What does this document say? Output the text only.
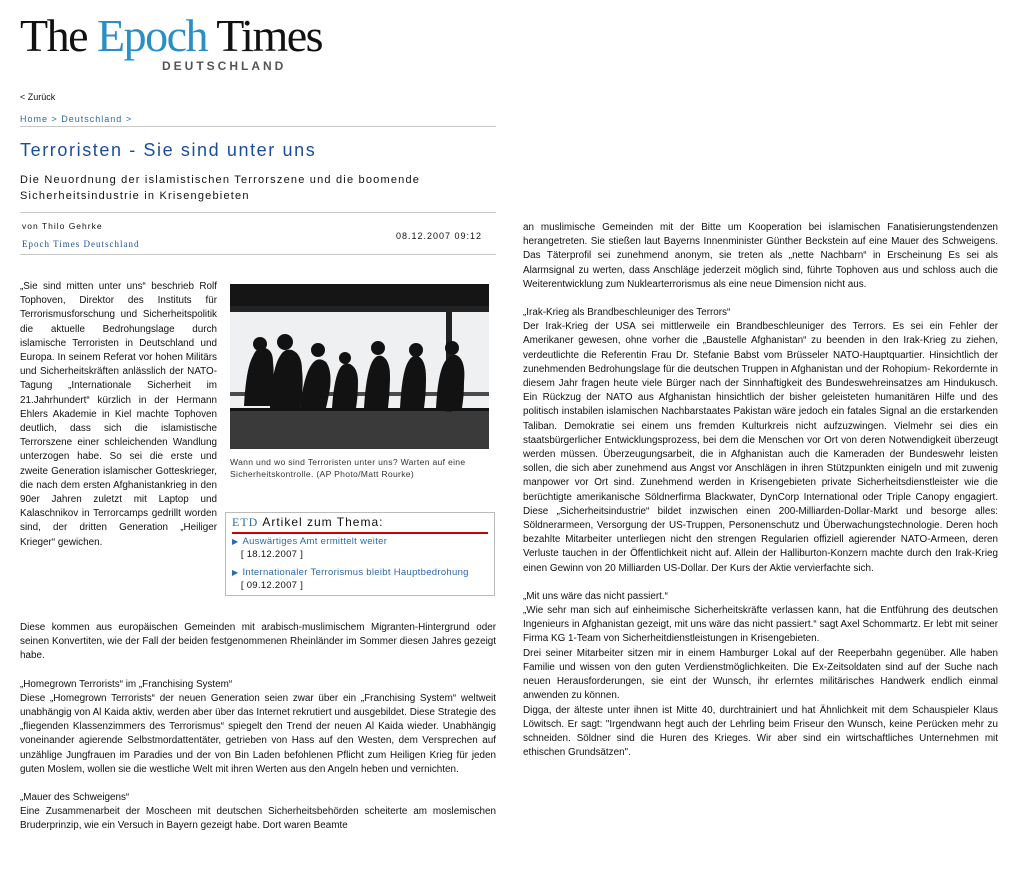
The Epoch Times
DEUTSCHLAND
< Zurück
Home > Deutschland >
Terroristen - Sie sind unter uns
Die Neuordnung der islamistischen Terrorszene und die boomende Sicherheitsindustrie in Krisengebieten
von Thilo Gehrke
Epoch Times Deutschland
08.12.2007 09:12
„Sie sind mitten unter uns“ beschrieb Rolf Tophoven, Direktor des Instituts für Terrorismusforschung und Sicherheitspolitik die aktuelle Bedrohungslage durch islamische Terroristen in Deutschland und Europa. In seinem Referat vor hohen Militärs und Sicherheitskräften anlässlich der NATO-Tagung „Internationale Sicherheit im 21.Jahrhundert“ kürzlich in der Hermann Ehlers Akademie in Kiel machte Tophoven deutlich, dass sich die islamistische Terrorszene einer schleichenden Wandlung unterzogen habe. So sei die erste und zweite Generation islamischer Gotteskrieger, die nach dem ersten Afghanistankrieg in den 90er Jahren zuletzt mit Laptop und Kalaschnikov in Terrorcamps gedrillt worden sind, der dritten Generation „Heiliger Krieger“ gewichen.
Wann und wo sind Terroristen unter uns? Warten auf eine Sicherheitskontrolle. (AP Photo/Matt Rourke)
ETD Artikel zum Thema:
▶ Auswärtiges Amt ermittelt weiter
[ 18.12.2007 ]
▶ Internationaler Terrorismus bleibt Hauptbedrohung
[ 09.12.2007 ]

Diese kommen aus europäischen Gemeinden mit arabisch-muslimischem Migranten-Hintergrund oder seinen Konvertiten, wie der Fall der beiden festgenommenen Rheinländer im Sommer diesen Jahres gezeigt habe.

„Homegrown Terrorists“ im „Franchising System“

Diese „Homegrown Terrorists“ der neuen Generation seien zwar über ein „Franchising System“ weltweit unabhängig von Al Kaida aktiv, werden aber über das Internet rekrutiert und ausgebildet. Diese Strategie des „fliegenden Klassenzimmers des Terrorismus“ spiegelt den Trend der neuen Al Kaida wieder. Unabhängig voneinander agierende Selbstmordattentäter, getrieben von Hass auf den Westen, dem Versprechen auf unzählige Jungfrauen im Paradies und der von Bin Laden befohlenen Pflicht zum Heiligen Krieg für jeden guten Moslem, wollen sie die westliche Welt mit ihren Werten aus den Angeln heben und vernichten.

„Mauer des Schweigens“

Eine Zusammenarbeit der Moscheen mit deutschen Sicherheitsbehörden scheiterte am moslemischen Bruderprinzip, wie ein Versuch in Bayern gezeigt habe. Dort waren Beamte

an muslimische Gemeinden mit der Bitte um Kooperation bei islamischen Fanatisierungstendenzen herangetreten. Sie stießen laut Bayerns Innenminister Günther Beckstein auf eine Mauer des Schweigens. Das Täterprofil sei zunehmend anonym, sie treten als „nette Nachbarn“ in Erscheinung Es sei als Alarmsignal zu werten, dass Anschläge jederzeit möglich sind, führte Tophoven aus und schloss auch die Weiterentwicklung zum Nuklearterrorismus als eine neue Dimension nicht aus.

„Irak-Krieg als Brandbeschleuniger des Terrors“

Der Irak-Krieg der USA sei mittlerweile ein Brandbeschleuniger des Terrors. Es sei ein Fehler der Amerikaner gewesen, ohne vorher die „Baustelle Afghanistan“ zu beenden in den Irak-Krieg zu ziehen, verdeutlichte die Referentin Frau Dr. Stefanie Babst vom Brüsseler NATO-Hauptquartier. Hinsichtlich der zunehmenden Bedrohungslage für die deutschen Truppen in Afghanistan und der Rohopium- Rekordernte in diesem Jahr fragen heute viele Bürger nach der Sinnhaftigkeit des Bundeswehreinsatzes am Hindukusch. Ein Rückzug der NATO aus Afghanistan hinsichtlich der bisher geleisteten humanitären Hilfe und des politisch instabilen islamischen Nachbarstaates Pakistan wäre jedoch ein fatales Signal an die erstarkenden Taliban. Demokratie sei einem uns fremden Kulturkreis nicht aufzuzwingen. Vielmehr sei dies ein staatsbürgerlicher Entwicklungsprozess, bei dem die Menschen vor Ort von deren Notwendigkeit überzeugt werden müssen. Überzeugungsarbeit, die in Afghanistan auch die Kameraden der Bundeswehr leisten sollen, die sich aber zunehmend aus Angst vor Anschlägen in ihren Stützpunkten einigeln und mit zuwenig manpower vor Ort sind. Zunehmend werden in Krisengebieten private Sicherheitsdienstleister wie die berüchtigte amerikanische Söldnerfirma Blackwater, DynCorp International oder Triple Canopy engagiert. Diese „Sicherheitsindustrie“ bildet inzwischen einen 200-Milliarden-Dollar-Markt und besorge alles: Söldnerarmeen, Versorgung der US-Truppen, Personenschutz und Überwachungstechnologie. Deren hoch bezahlte Mitarbeiter unterliegen nicht den strengen Regularien offiziell agierender NATO-Armeen, deren Verluste tauchen in der Öffentlichkeit nicht auf. Allein der Halliburton-Konzern machte durch den Irak-Krieg einen Gewinn von 20 Milliarden US-Dollar. Der Kurs der Aktie vervierfachte sich.

„Mit uns wäre das nicht passiert.“

„Wie sehr man sich auf einheimische Sicherheitskräfte verlassen kann, hat die Entführung des deutschen Ingenieurs in Afghanistan gezeigt, mit uns wäre das nicht passiert.“ sagt Axel Schommartz. Er lebt mit seiner Firma KG 1-Team von Sicherheitdienstleistungen in Krisengebieten.

Drei seiner Mitarbeiter sitzen mir in einem Hamburger Lokal auf der Reeperbahn gegenüber. Alle haben Familie und wissen von den guten Verdienstmöglichkeiten. Die Ex-Zeitsoldaten sind auf der Suche nach neuen Herausforderungen, sie eint der Wunsch, ihr erlerntes militärisches Handwerk endlich einmal anwenden zu können.

Digga, der älteste unter ihnen ist Mitte 40, durchtrainiert und hat Ähnlichkeit mit dem Schauspieler Klaus Löwitsch. Er sagt: "Irgendwann hegt auch der Lehrling beim Friseur den Wunsch, keine Perücken mehr zu schneiden. Söldner sind die Huren des Krieges. Wir aber sind ein wirtschaftliches Unternehmen mit ethischen Grundsätzen".
